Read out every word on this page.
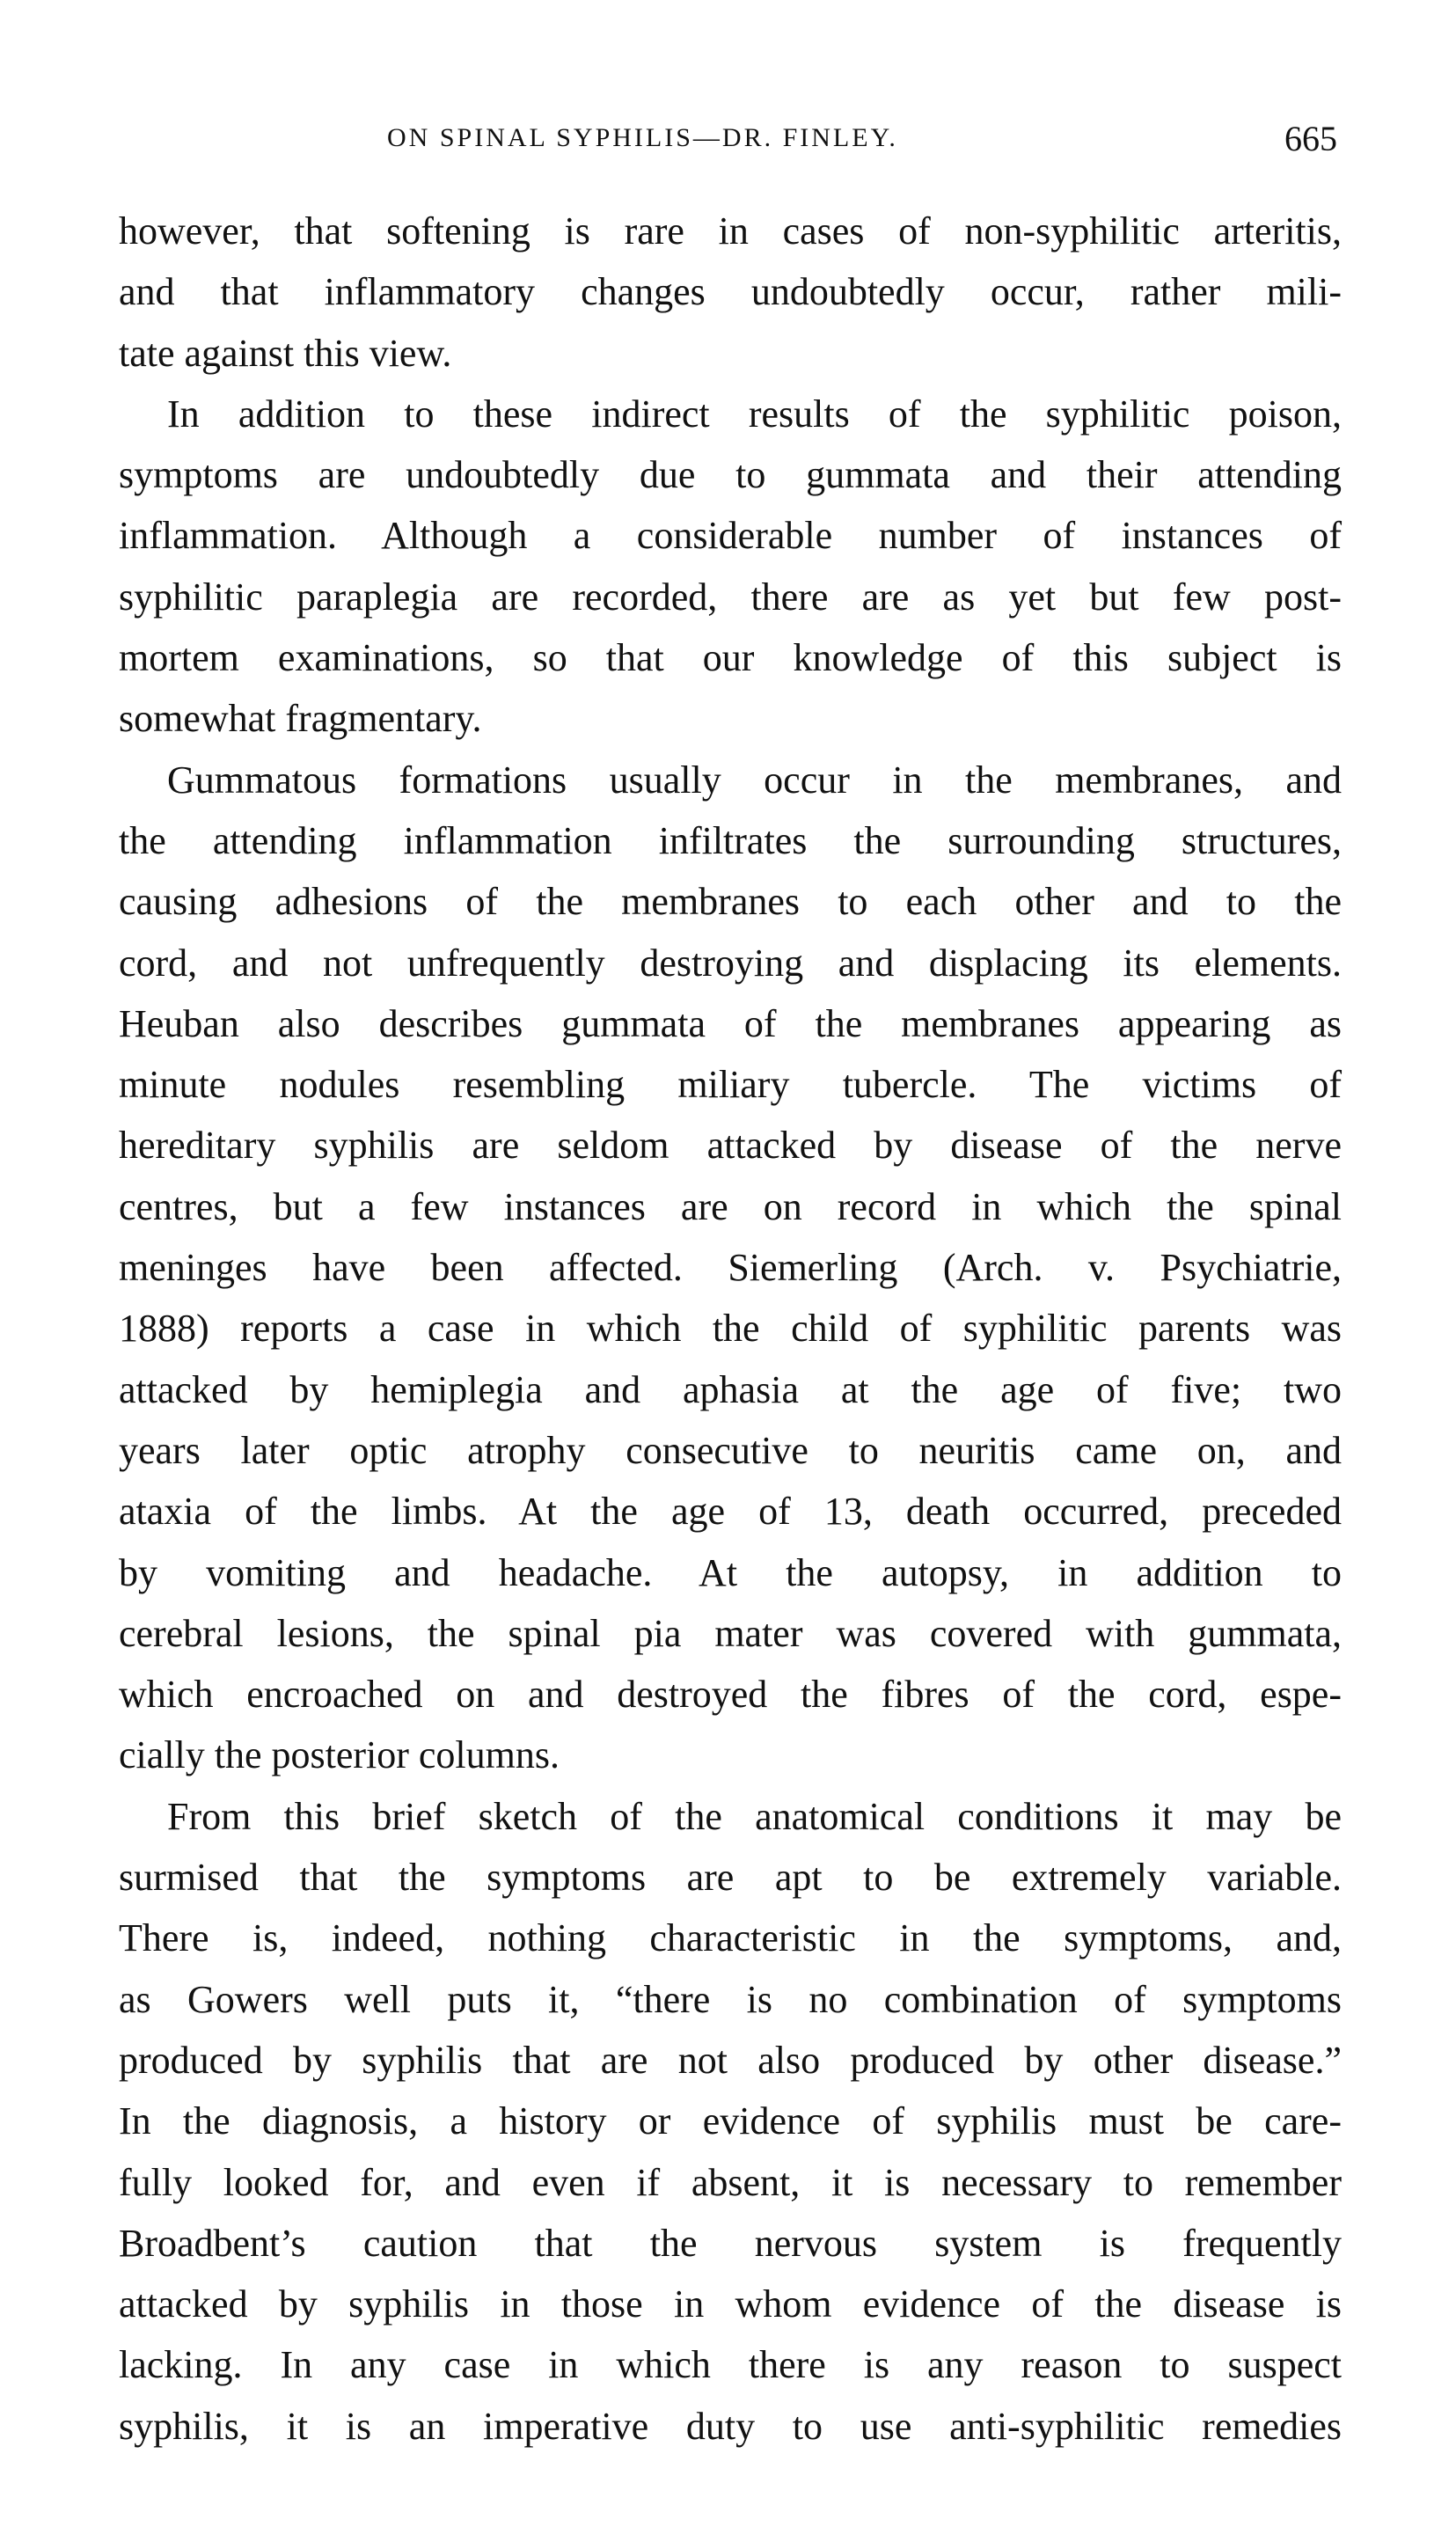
ON SPINAL SYPHILIS—DR. FINLEY.	665
however, that softening is rare in cases of non-syphilitic arteritis,
and that inflammatory changes undoubtedly occur, rather mili-
tate against this view.
In addition to these indirect results of the syphilitic poison,
symptoms are undoubtedly due to gummata and their attending
inflammation. Although a considerable number of instances of
syphilitic paraplegia are recorded, there are as yet but few post-
mortem examinations, so that our knowledge of this subject is
somewhat fragmentary.
Gummatous formations usually occur in the membranes, and
the attending inflammation infiltrates the surrounding structures,
causing adhesions of the membranes to each other and to the
cord, and not unfrequently destroying and displacing its elements.
Heuban also describes gummata of the membranes appearing as
minute nodules resembling miliary tubercle. The victims of
hereditary syphilis are seldom attacked by disease of the nerve
centres, but a few instances are on record in which the spinal
meninges have been affected. Siemerling (Arch. v. Psychiatrie,
1888) reports a case in which the child of syphilitic parents was
attacked by hemiplegia and aphasia at the age of five; two
years later optic atrophy consecutive to neuritis came on, and
ataxia of the limbs. At the age of 13, death occurred, preceded
by vomiting and headache. At the autopsy, in addition to
cerebral lesions, the spinal pia mater was covered with gummata,
which encroached on and destroyed the fibres of the cord, espe-
cially the posterior columns.
From this brief sketch of the anatomical conditions it may be
surmised that the symptoms are apt to be extremely variable.
There is, indeed, nothing characteristic in the symptoms, and,
as Gowers well puts it, “there is no combination of symptoms
produced by syphilis that are not also produced by other disease.”
In the diagnosis, a history or evidence of syphilis must be care-
fully looked for, and even if absent, it is necessary to remember
Broadbent’s caution that the nervous system is frequently
attacked by syphilis in those in whom evidence of the disease is
lacking. In any case in which there is any reason to suspect
syphilis, it is an imperative duty to use anti-syphilitic remedies
